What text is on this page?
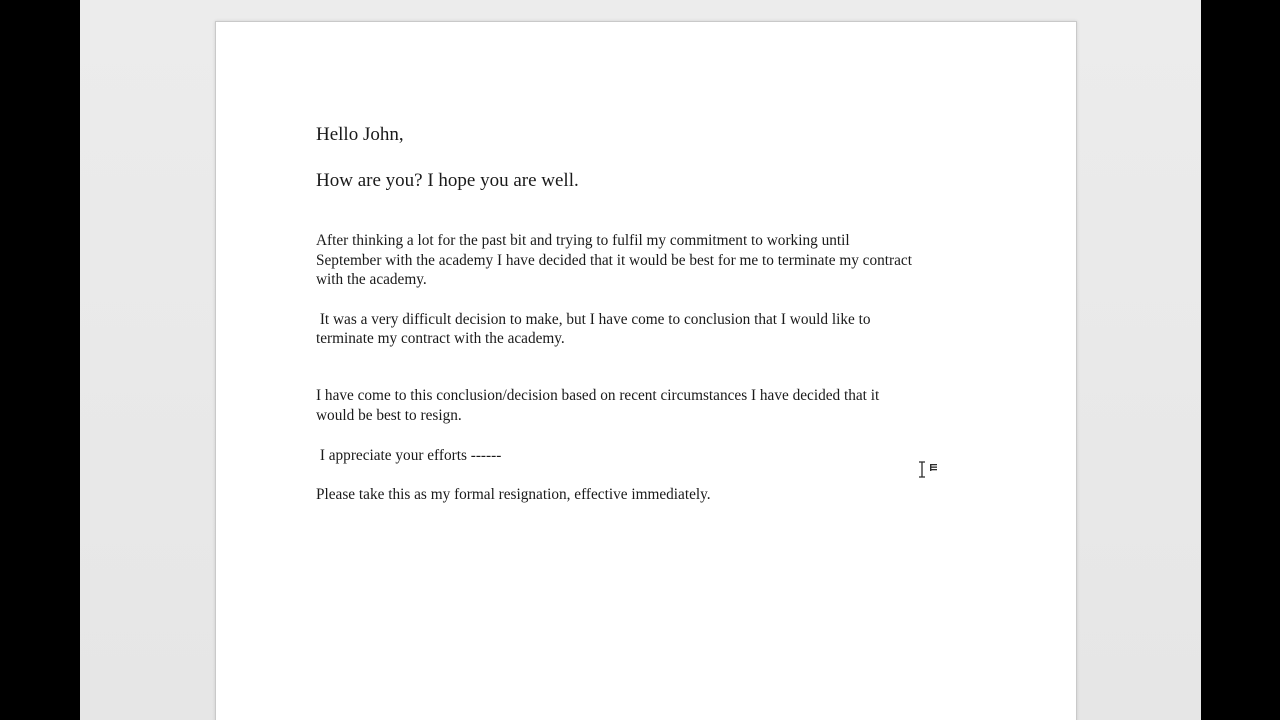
Hello John,

How are you? I hope you are well.

After thinking a lot for the past bit and trying to fulfil my commitment to working until

September with the academy I have decided that it would be best for me to terminate my contract

with the academy.

It was a very difficult decision to make, but I have come to conclusion that I would like to

terminate my contract with the academy.

I have come to this conclusion/decision based on recent circumstances I have decided that it

would be best to resign.

I appreciate your efforts ------

Please take this as my formal resignation, effective immediately.
